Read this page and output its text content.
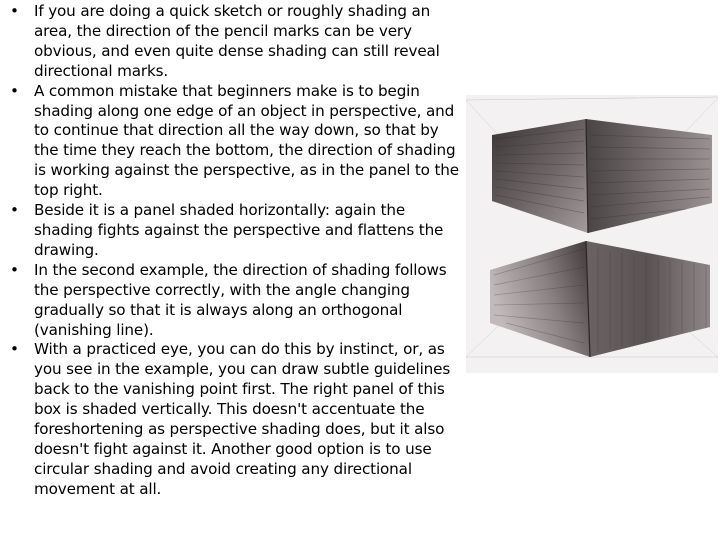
• If you are doing a quick sketch or roughly shading an area, the direction of the pencil marks can be very obvious, and even quite dense shading can still reveal directional marks.
• A common mistake that beginners make is to begin shading along one edge of an object in perspective, and to continue that direction all the way down, so that by the time they reach the bottom, the direction of shading is working against the perspective, as in the panel to the top right.
• Beside it is a panel shaded horizontally: again the shading fights against the perspective and flattens the drawing.
• In the second example, the direction of shading follows the perspective correctly, with the angle changing gradually so that it is always along an orthogonal (vanishing line).
• With a practiced eye, you can do this by instinct, or, as you see in the example, you can draw subtle guidelines back to the vanishing point first. The right panel of this box is shaded vertically. This doesn't accentuate the foreshortening as perspective shading does, but it also doesn't fight against it. Another good option is to use circular shading and avoid creating any directional movement at all.
